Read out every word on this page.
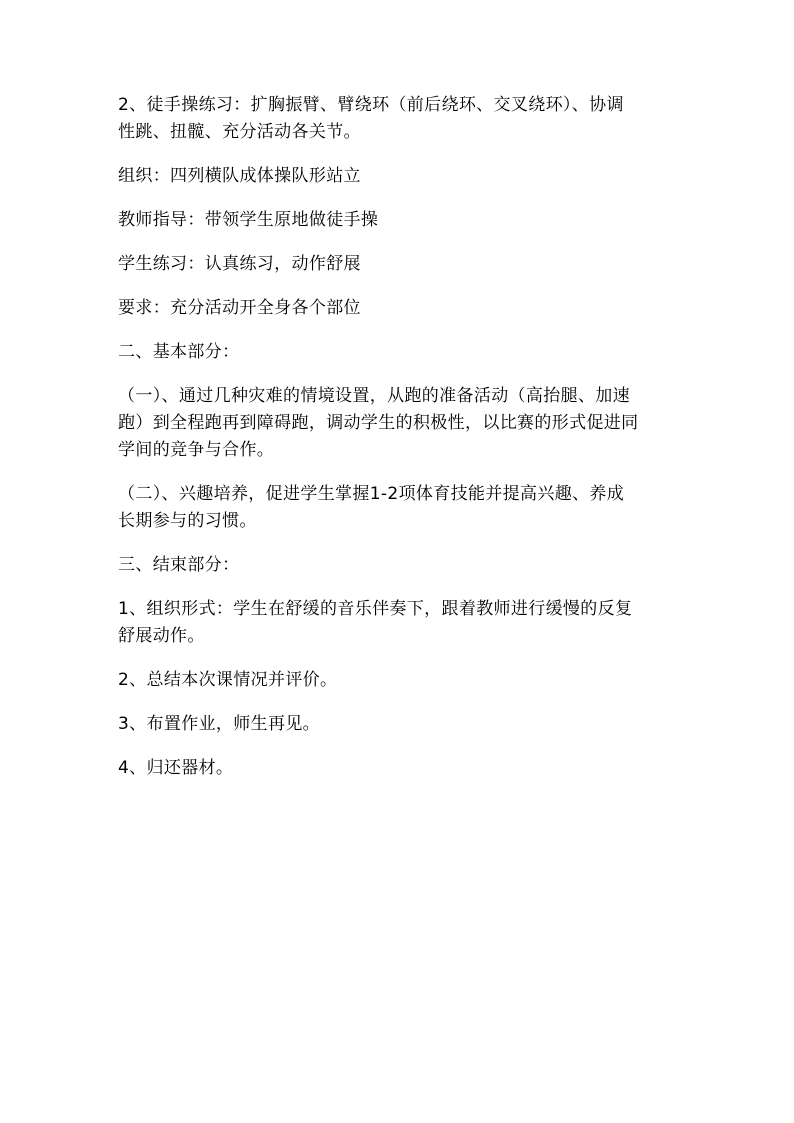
2、徒手操练习：扩胸振臂、臂绕环（前后绕环、交叉绕环）、协调
性跳、扭髋、充分活动各关节。

组织：四列横队成体操队形站立

教师指导：带领学生原地做徒手操

学生练习：认真练习，动作舒展

要求：充分活动开全身各个部位

二、基本部分：

（一）、通过几种灾难的情境设置，从跑的准备活动（高抬腿、加速
跑）到全程跑再到障碍跑，调动学生的积极性，以比赛的形式促进同
学间的竞争与合作。

（二）、兴趣培养，促进学生掌握1-2项体育技能并提高兴趣、养成
长期参与的习惯。

三、结束部分：

1、组织形式：学生在舒缓的音乐伴奏下，跟着教师进行缓慢的反复
舒展动作。

2、总结本次课情况并评价。

3、布置作业，师生再见。

4、归还器材。
